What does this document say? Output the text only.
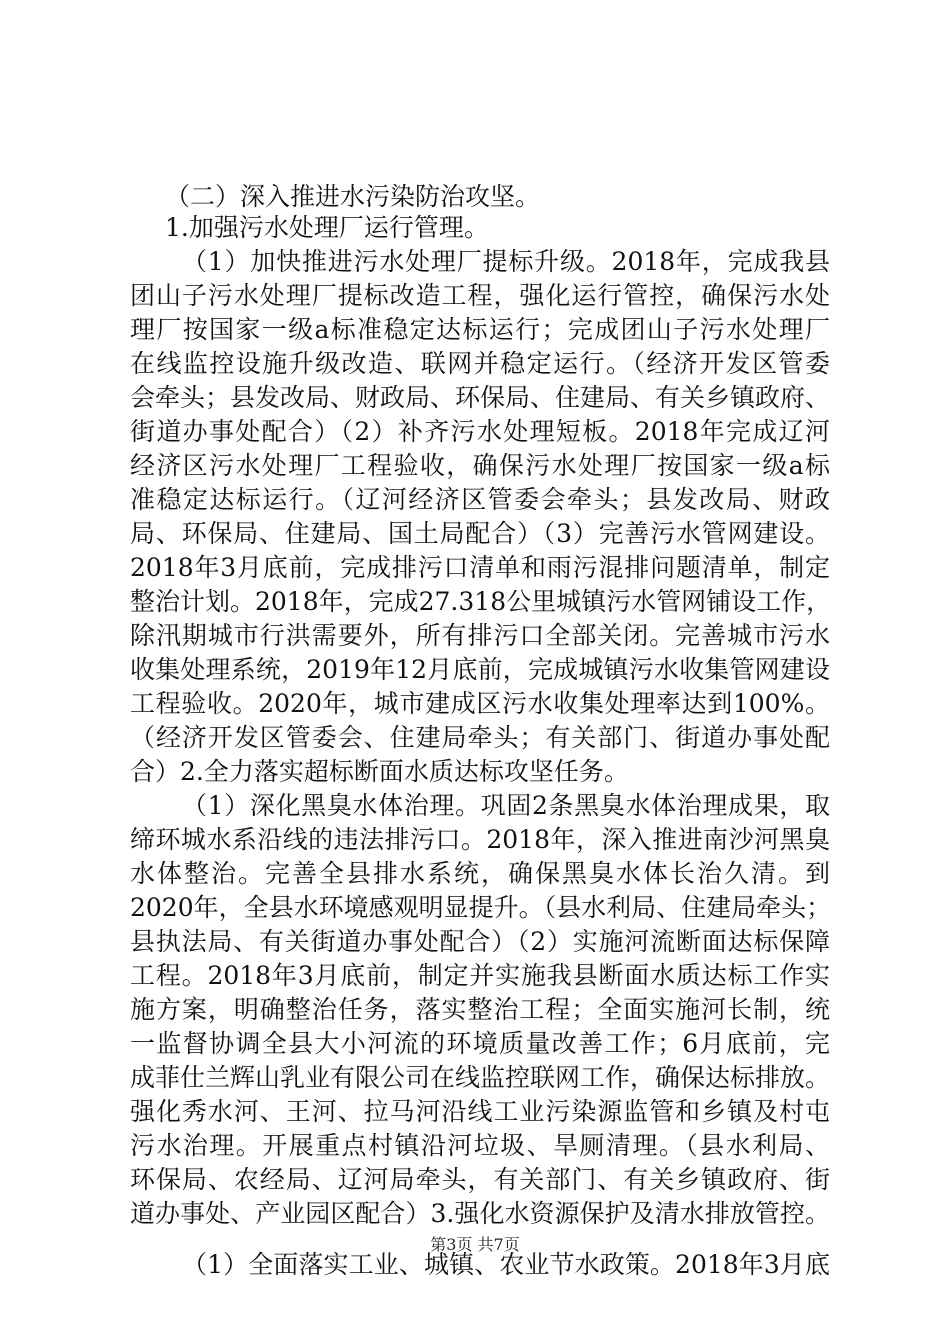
（二）深入推进水污染防治攻坚。
1.加强污水处理厂运行管理。
（1）加快推进污水处理厂提标升级。2018年，完成我县
团山子污水处理厂提标改造工程，强化运行管控，确保污水处
理厂按国家一级a标准稳定达标运行；完成团山子污水处理厂
在线监控设施升级改造、联网并稳定运行。（经济开发区管委
会牵头；县发改局、财政局、环保局、住建局、有关乡镇政府、
街道办事处配合）（2）补齐污水处理短板。2018年完成辽河
经济区污水处理厂工程验收，确保污水处理厂按国家一级a标
准稳定达标运行。（辽河经济区管委会牵头；县发改局、财政
局、环保局、住建局、国土局配合）（3）完善污水管网建设。
2018年3月底前，完成排污口清单和雨污混排问题清单，制定
整治计划。2018年，完成27.318公里城镇污水管网铺设工作，
除汛期城市行洪需要外，所有排污口全部关闭。完善城市污水
收集处理系统，2019年12月底前，完成城镇污水收集管网建设
工程验收。2020年，城市建成区污水收集处理率达到100%。
（经济开发区管委会、住建局牵头；有关部门、街道办事处配
合）2.全力落实超标断面水质达标攻坚任务。
（1）深化黑臭水体治理。巩固2条黑臭水体治理成果，取
缔环城水系沿线的违法排污口。2018年，深入推进南沙河黑臭
水体整治。完善全县排水系统，确保黑臭水体长治久清。到
2020年，全县水环境感观明显提升。（县水利局、住建局牵头；
县执法局、有关街道办事处配合）（2）实施河流断面达标保障
工程。2018年3月底前，制定并实施我县断面水质达标工作实
施方案，明确整治任务，落实整治工程；全面实施河长制，统
一监督协调全县大小河流的环境质量改善工作；6月底前，完
成菲仕兰辉山乳业有限公司在线监控联网工作，确保达标排放。
强化秀水河、王河、拉马河沿线工业污染源监管和乡镇及村屯
污水治理。开展重点村镇沿河垃圾、旱厕清理。（县水利局、
环保局、农经局、辽河局牵头，有关部门、有关乡镇政府、街
道办事处、产业园区配合）3.强化水资源保护及清水排放管控。
（1）全面落实工业、城镇、农业节水政策。2018年3月底
第3页 共7页
